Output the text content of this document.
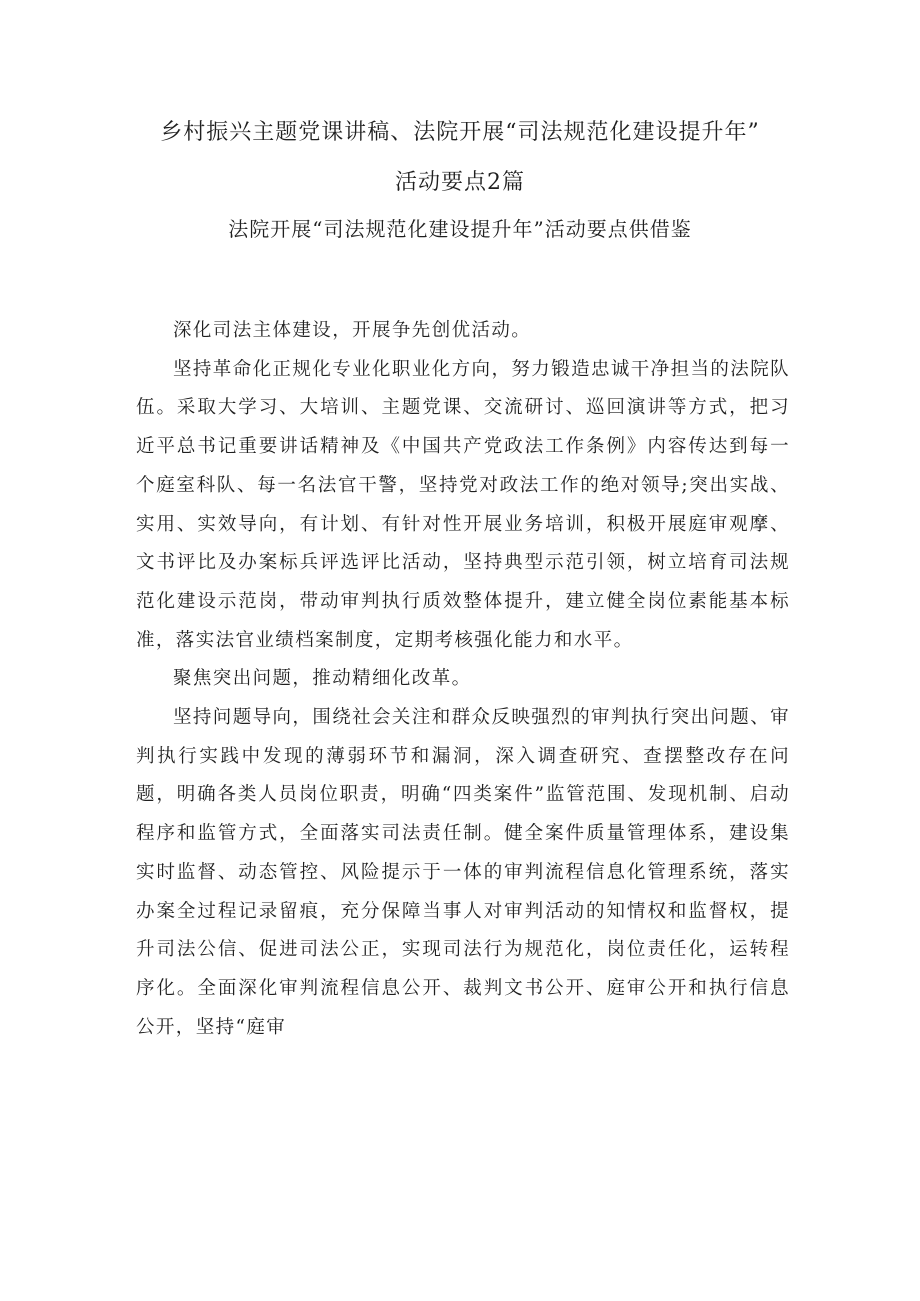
乡村振兴主题党课讲稿、法院开展“司法规范化建设提升年”
活动要点2篇
法院开展“司法规范化建设提升年”活动要点供借鉴

深化司法主体建设，开展争先创优活动。

坚持革命化正规化专业化职业化方向，努力锻造忠诚干净担当的法院队伍。采取大学习、大培训、主题党课、交流研讨、巡回演讲等方式，把习近平总书记重要讲话精神及《中国共产党政法工作条例》内容传达到每一个庭室科队、每一名法官干警，坚持党对政法工作的绝对领导;突出实战、实用、实效导向，有计划、有针对性开展业务培训，积极开展庭审观摩、文书评比及办案标兵评选评比活动，坚持典型示范引领，树立培育司法规范化建设示范岗，带动审判执行质效整体提升，建立健全岗位素能基本标准，落实法官业绩档案制度，定期考核强化能力和水平。

聚焦突出问题，推动精细化改革。

坚持问题导向，围绕社会关注和群众反映强烈的审判执行突出问题、审判执行实践中发现的薄弱环节和漏洞，深入调查研究、查摆整改存在问题，明确各类人员岗位职责，明确“四类案件”监管范围、发现机制、启动程序和监管方式，全面落实司法责任制。健全案件质量管理体系，建设集实时监督、动态管控、风险提示于一体的审判流程信息化管理系统，落实办案全过程记录留痕，充分保障当事人对审判活动的知情权和监督权，提升司法公信、促进司法公正，实现司法行为规范化，岗位责任化，运转程序化。全面深化审判流程信息公开、裁判文书公开、庭审公开和执行信息公开，坚持“庭审
